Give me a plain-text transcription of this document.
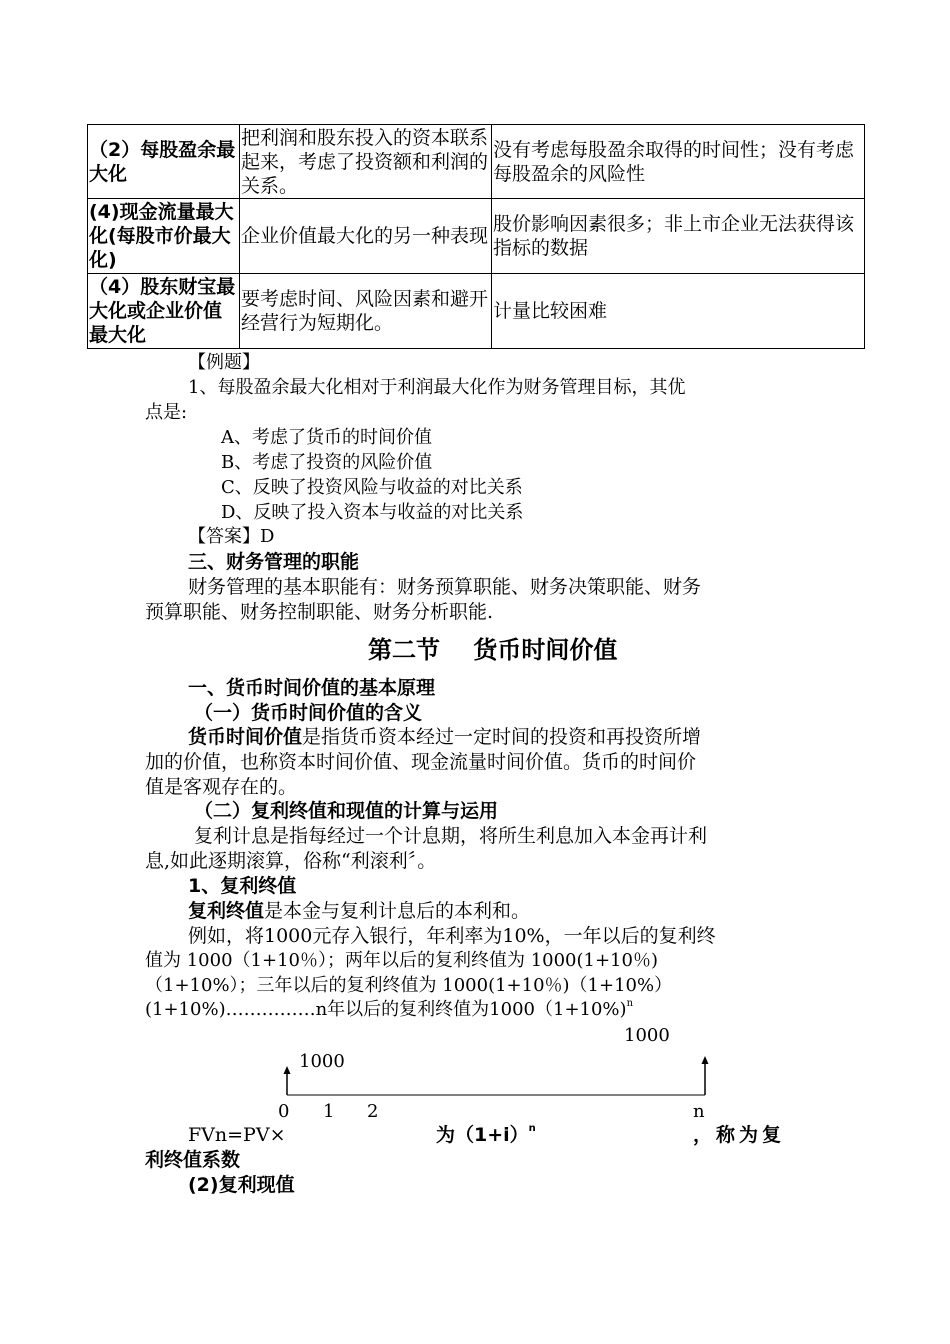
（2）每股盈余最大化	把利润和股东投入的资本联系起来，考虑了投资额和利润的关系。	没有考虑每股盈余取得的时间性；没有考虑每股盈余的风险性
(4)现金流量最大化(每股市价最大化)	企业价值最大化的另一种表现	股价影响因素很多；非上市企业无法获得该指标的数据
（4）股东财宝最大化或企业价值最大化	要考虑时间、风险因素和避开经营行为短期化。	计量比较困难
【例题】
1、每股盈余最大化相对于利润最大化作为财务管理目标，其优
点是:
A、考虑了货币的时间价值
B、考虑了投资的风险价值
C、反映了投资风险与收益的对比关系
D、反映了投入资本与收益的对比关系
【答案】D
三、财务管理的职能
财务管理的基本职能有：财务预算职能、财务决策职能、财务
预算职能、财务控制职能、财务分析职能.
第二节    货币时间价值
一、货币时间价值的基本原理
（一）货币时间价值的含义
货币时间价值是指货币资本经过一定时间的投资和再投资所增
加的价值，也称资本时间价值、现金流量时间价值。货币的时间价
值是客观存在的。
（二）复利终值和现值的计算与运用
复利计息是指每经过一个计息期，将所生利息加入本金再计利
息,如此逐期滚算，俗称“利滚利〞。
1、复利终值
复利终值是本金与复利计息后的本利和。
例如，将1000元存入银行，年利率为10%，一年以后的复利终
值为 1000（1+10％）；两年以后的复利终值为 1000(1+10％)
（1+10%）；三年以后的复利终值为 1000(1+10％)（1+10%）
(1+10%)……………n年以后的复利终值为1000（1+10%)$^n$
1000
1000
0 1 2	n
FVn=PV×	为$(1+i)^n$	，称为复
利终值系数
(2)复利现值
